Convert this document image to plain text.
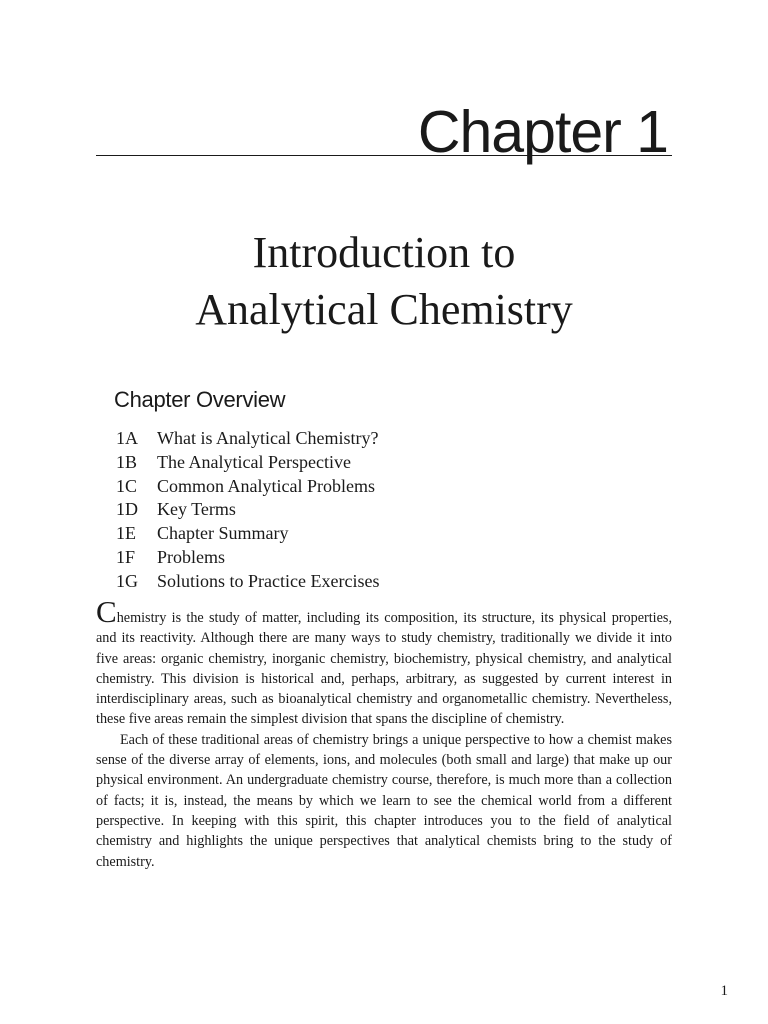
Chapter 1
Introduction to
Analytical Chemistry
Chapter Overview
1A	What is Analytical Chemistry?
1B	The Analytical Perspective
1C	Common Analytical Problems
1D	Key Terms
1E	Chapter Summary
1F	Problems
1G	Solutions to Practice Exercises

Chemistry is the study of matter, including its composition, its structure, its physical properties, and its reactivity. Although there are many ways to study chemistry, traditionally we divide it into five areas: organic chemistry, inorganic chemistry, biochemistry, physical chemistry, and analytical chemistry. This division is historical and, perhaps, arbitrary, as suggested by current interest in interdisciplinary areas, such as bioanalytical chemistry and organometallic chemistry. Nevertheless, these five areas remain the simplest division that spans the discipline of chemistry.

Each of these traditional areas of chemistry brings a unique perspective to how a chemist makes sense of the diverse array of elements, ions, and molecules (both small and large) that make up our physical environment. An undergraduate chemistry course, therefore, is much more than a collection of facts; it is, instead, the means by which we learn to see the chemical world from a different perspective. In keeping with this spirit, this chapter introduces you to the field of analytical chemistry and highlights the unique perspectives that analytical chemists bring to the study of chemistry.

1
